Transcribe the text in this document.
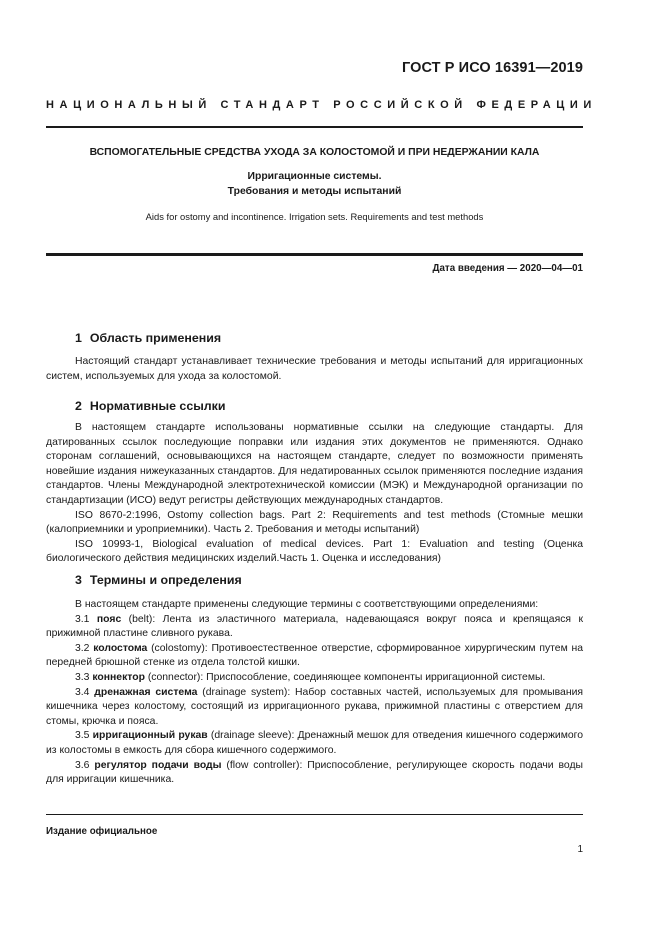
ГОСТ Р ИСО 16391—2019
НАЦИОНАЛЬНЫЙ СТАНДАРТ РОССИЙСКОЙ ФЕДЕРАЦИИ
ВСПОМОГАТЕЛЬНЫЕ СРЕДСТВА УХОДА ЗА КОЛОСТОМОЙ И ПРИ НЕДЕРЖАНИИ КАЛА
Ирригационные системы.
Требования и методы испытаний
Aids for ostomy and incontinence. Irrigation sets. Requirements and test methods
Дата введения — 2020—04—01
1 Область применения

Настоящий стандарт устанавливает технические требования и методы испытаний для ирригационных систем, используемых для ухода за колостомой.

2 Нормативные ссылки

В настоящем стандарте использованы нормативные ссылки на следующие стандарты. Для датированных ссылок последующие поправки или издания этих документов не применяются. Однако сторонам соглашений, основывающихся на настоящем стандарте, следует по возможности применять новейшие издания нижеуказанных стандартов. Для недатированных ссылок применяются последние издания стандартов. Члены Международной электротехнической комиссии (МЭК) и Международной организации по стандартизации (ИСО) ведут регистры действующих международных стандартов.

ISO 8670-2:1996, Ostomy collection bags. Part 2: Requirements and test methods (Стомные мешки (калоприемники и уроприемники). Часть 2. Требования и методы испытаний)

ISO 10993-1, Biological evaluation of medical devices. Part 1: Evaluation and testing (Оценка биологического действия медицинских изделий.Часть 1. Оценка и исследования)

3 Термины и определения

В настоящем стандарте применены следующие термины с соответствующими определениями:

3.1 пояс (belt): Лента из эластичного материала, надевающаяся вокруг пояса и крепящаяся к прижимной пластине сливного рукава.

3.2 колостома (colostomy): Противоестественное отверстие, сформированное хирургическим путем на передней брюшной стенке из отдела толстой кишки.

3.3 коннектор (connector): Приспособление, соединяющее компоненты ирригационной системы.

3.4 дренажная система (drainage system): Набор составных частей, используемых для промывания кишечника через колостому, состоящий из ирригационного рукава, прижимной пластины с отверстием для стомы, крючка и пояса.

3.5 ирригационный рукав (drainage sleeve): Дренажный мешок для отведения кишечного содержимого из колостомы в емкость для сбора кишечного содержимого.

3.6 регулятор подачи воды (flow controller): Приспособление, регулирующее скорость подачи воды для ирригации кишечника.

Издание официальное
1
